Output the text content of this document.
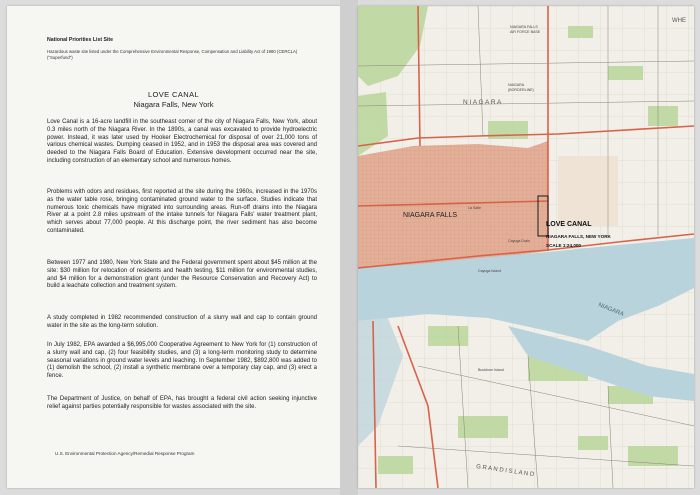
National Priorities List Site
Hazardous waste site listed under the Comprehensive Environmental Response, Compensation and Liability Act of 1980 (CERCLA) ("Superfund")
LOVE CANAL
Niagara Falls, New York

Love Canal is a 16-acre landfill in the southeast corner of the city of Niagara Falls, New York, about 0.3 miles north of the Niagara River. In the 1890s, a canal was excavated to provide hydroelectric power. Instead, it was later used by Hooker Electrochemical for disposal of over 21,000 tons of various chemical wastes. Dumping ceased in 1952, and in 1953 the disposal area was covered and deeded to the Niagara Falls Board of Education. Extensive development occurred near the site, including construction of an elementary school and numerous homes.

Problems with odors and residues, first reported at the site during the 1960s, increased in the 1970s as the water table rose, bringing contaminated ground water to the surface. Studies indicate that numerous toxic chemicals have migrated into surrounding areas. Run-off drains into the Niagara River at a point 2.8 miles upstream of the intake tunnels for Niagara Falls' water treatment plant, which serves about 77,000 people. At this discharge point, the river sediment has also become contaminated.

Between 1977 and 1980, New York State and the Federal government spent about $45 million at the site: $30 million for relocation of residents and health testing, $11 million for environmental studies, and $4 million for a demonstration grant (under the Resource Conservation and Recovery Act) to build a leachate collection and treatment system.

A study completed in 1982 recommended construction of a slurry wall and cap to contain ground water in the site as the long-term solution.

In July 1982, EPA awarded a $6,995,000 Cooperative Agreement to New York for (1) construction of a slurry wall and cap, (2) four feasibility studies, and (3) a long-term monitoring study to determine seasonal variations in ground water levels and leaching. In September 1982, $892,800 was added to (1) demolish the school, (2) install a synthetic membrane over a temporary clay cap, and (3) erect a fence.

The Department of Justice, on behalf of EPA, has brought a federal civil action seeking injunctive relief against parties potentially responsible for wastes associated with the site.

U.S. Environmental Protection Agency/Remedial Response Program
LOVE CANAL
NIAGARA FALLS, NEW YORK
SCALE 1:24,000
N I A G A R A
NIAGARA FALLS
NIAGARA
G R A N D I S L A N D
WHE
NIAGARA FALLS
AIR FORCE BASE
NIAGARA
(BORDERLINE)
La Salle
Cayuga Island
Buckhorn Island
Cayuga Drain
